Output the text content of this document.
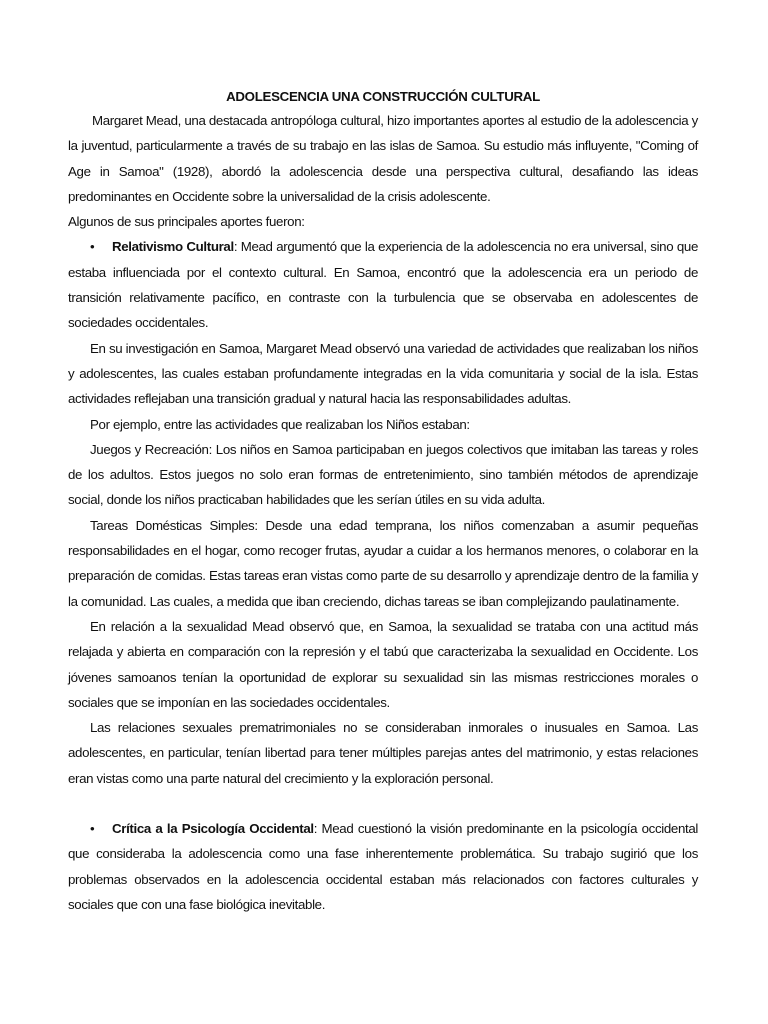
ADOLESCENCIA UNA CONSTRUCCIÓN CULTURAL

Margaret Mead, una destacada antropóloga cultural, hizo importantes aportes al estudio de la adolescencia y la juventud, particularmente a través de su trabajo en las islas de Samoa. Su estudio más influyente, "Coming of Age in Samoa" (1928), abordó la adolescencia desde una perspectiva cultural, desafiando las ideas predominantes en Occidente sobre la universalidad de la crisis adolescente.

Algunos de sus principales aportes fueron:

• Relativismo Cultural: Mead argumentó que la experiencia de la adolescencia no era universal, sino que estaba influenciada por el contexto cultural. En Samoa, encontró que la adolescencia era un periodo de transición relativamente pacífico, en contraste con la turbulencia que se observaba en adolescentes de sociedades occidentales.

En su investigación en Samoa, Margaret Mead observó una variedad de actividades que realizaban los niños y adolescentes, las cuales estaban profundamente integradas en la vida comunitaria y social de la isla. Estas actividades reflejaban una transición gradual y natural hacia las responsabilidades adultas.

Por ejemplo, entre las actividades que realizaban los Niños estaban:

Juegos y Recreación: Los niños en Samoa participaban en juegos colectivos que imitaban las tareas y roles de los adultos. Estos juegos no solo eran formas de entretenimiento, sino también métodos de aprendizaje social, donde los niños practicaban habilidades que les serían útiles en su vida adulta.

Tareas Domésticas Simples: Desde una edad temprana, los niños comenzaban a asumir pequeñas responsabilidades en el hogar, como recoger frutas, ayudar a cuidar a los hermanos menores, o colaborar en la preparación de comidas. Estas tareas eran vistas como parte de su desarrollo y aprendizaje dentro de la familia y la comunidad. Las cuales, a medida que iban creciendo, dichas tareas se iban complejizando paulatinamente.

En relación a la sexualidad Mead observó que, en Samoa, la sexualidad se trataba con una actitud más relajada y abierta en comparación con la represión y el tabú que caracterizaba la sexualidad en Occidente. Los jóvenes samoanos tenían la oportunidad de explorar su sexualidad sin las mismas restricciones morales o sociales que se imponían en las sociedades occidentales.

Las relaciones sexuales prematrimoniales no se consideraban inmorales o inusuales en Samoa. Las adolescentes, en particular, tenían libertad para tener múltiples parejas antes del matrimonio, y estas relaciones eran vistas como una parte natural del crecimiento y la exploración personal.

• Crítica a la Psicología Occidental: Mead cuestionó la visión predominante en la psicología occidental que consideraba la adolescencia como una fase inherentemente problemática. Su trabajo sugirió que los problemas observados en la adolescencia occidental estaban más relacionados con factores culturales y sociales que con una fase biológica inevitable.
